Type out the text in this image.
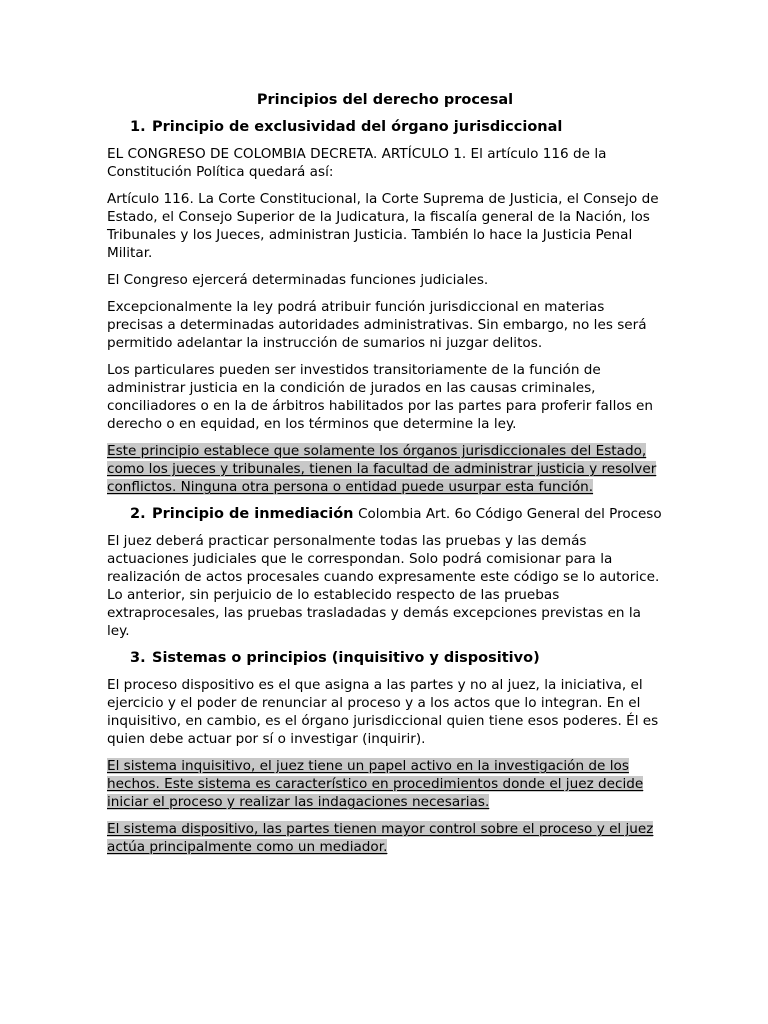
Principios del derecho procesal
1. Principio de exclusividad del órgano jurisdiccional

EL CONGRESO DE COLOMBIA DECRETA. ARTÍCULO 1. El artículo 116 de la Constitución Política quedará así:

Artículo 116. La Corte Constitucional, la Corte Suprema de Justicia, el Consejo de Estado, el Consejo Superior de la Judicatura, la fiscalía general de la Nación, los Tribunales y los Jueces, administran Justicia. También lo hace la Justicia Penal Militar.

El Congreso ejercerá determinadas funciones judiciales.

Excepcionalmente la ley podrá atribuir función jurisdiccional en materias precisas a determinadas autoridades administrativas. Sin embargo, no les será permitido adelantar la instrucción de sumarios ni juzgar delitos.

Los particulares pueden ser investidos transitoriamente de la función de administrar justicia en la condición de jurados en las causas criminales, conciliadores o en la de árbitros habilitados por las partes para proferir fallos en derecho o en equidad, en los términos que determine la ley.

Este principio establece que solamente los órganos jurisdiccionales del Estado, como los jueces y tribunales, tienen la facultad de administrar justicia y resolver conflictos. Ninguna otra persona o entidad puede usurpar esta función.

2. Principio de inmediación Colombia Art. 6o Código General del Proceso

El juez deberá practicar personalmente todas las pruebas y las demás actuaciones judiciales que le correspondan. Solo podrá comisionar para la realización de actos procesales cuando expresamente este código se lo autorice.

Lo anterior, sin perjuicio de lo establecido respecto de las pruebas extraprocesales, las pruebas trasladadas y demás excepciones previstas en la ley.

3. Sistemas o principios (inquisitivo y dispositivo)

El proceso dispositivo es el que asigna a las partes y no al juez, la iniciativa, el ejercicio y el poder de renunciar al proceso y a los actos que lo integran. En el inquisitivo, en cambio, es el órgano jurisdiccional quien tiene esos poderes. Él es quien debe actuar por sí o investigar (inquirir).

El sistema inquisitivo, el juez tiene un papel activo en la investigación de los hechos. Este sistema es característico en procedimientos donde el juez decide iniciar el proceso y realizar las indagaciones necesarias.

El sistema dispositivo, las partes tienen mayor control sobre el proceso y el juez actúa principalmente como un mediador.
